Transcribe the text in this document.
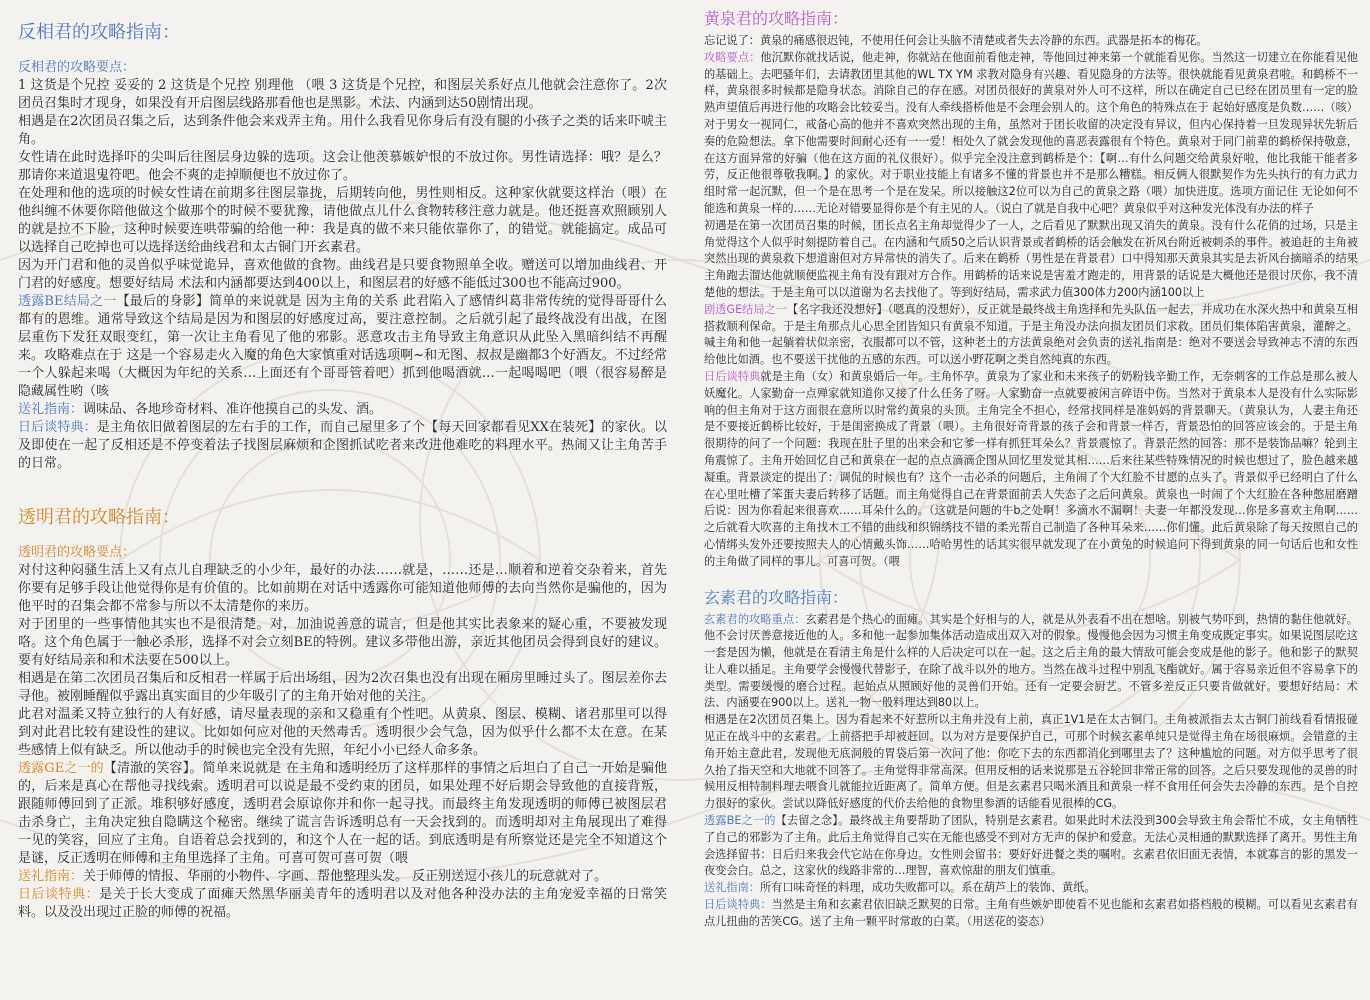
反相君的攻略指南：
反相君的攻略要点：

1 这货是个兄控 妥妥的 2 这货是个兄控 别理他 （喂 3 这货是个兄控，和图层关系好点儿他就会注意你了。2次团员召集时才现身，如果没有开启图层线路那看他也是黑影。术法、内涵到达50剧情出现。

相遇是在2次团员召集之后，达到条件他会来戏弄主角。用什么我看见你身后有没有腿的小孩子之类的话来吓唬主角。

女性请在此时选择吓的尖叫后往图层身边躲的选项。这会让他羡慕嫉妒恨的不放过你。男性请选择：哦？是么？那请你来道退鬼符吧。他会不爽的走掉顺便也不放过你了。

在处理和他的选项的时候女性请在前期多往图层靠拢，后期转向他，男性则相反。这种家伙就要这样治（喂）在他纠缠不休要你陪他做这个做那个的时候不要犹豫，请他做点儿什么食物转移注意力就是。他还挺喜欢照顾别人的就是拉不下脸，这种时候要连哄带骗的给他一种：我是真的做不来只能依靠你了，的错觉。就能搞定。成品可以选择自己吃掉也可以选择送给曲线君和太古铜门开玄素君。

因为开门君和他的灵兽似乎味觉诡异，喜欢他做的食物。曲线君是只要食物照单全收。赠送可以增加曲线君、开门君的好感度。想要好结局 术法和内涵都要达到400以上，和图层君的好感不能低过300也不能高过900。

透露BE结局之一【最后的身影】简单的来说就是 因为主角的关系 此君陷入了感情纠葛非常传统的觉得哥哥什么都有的恩维。通常导致这个结局是因为和图层的好感度过高，要注意控制。之后就引起了最终战没有出战，在图层重伤下发狂双眼变红，第一次让主角看见了他的邪影。恶意攻击主角导致主角意识从此坠入黑暗纠结不再醒来。攻略难点在于 这是一个容易走火入魔的角色大家慎重对话选项啊~和无图、叔叔是幽都3个好酒友。不过经常一个人躲起来喝（大概因为年纪的关系…上面还有个哥哥管着吧）抓到他喝酒就…一起喝喝吧（喂（很容易醉是隐藏属性哟（咳

送礼指南：调味品、各地珍奇材料、准许他摸自己的头发、酒。

日后谈特典：是主角依旧做着图层的左右手的工作，而自己屋里多了个【每天回家都看见XX在装死】的家伙。以及即使在一起了反相还是不停变着法子找图层麻烦和企图抓试吃者来改进他难吃的料理水平。热闹又让主角苦手的日常。

透明君的攻略指南：
透明君的攻略要点：

对付这种闷骚生活上又有点儿自理缺乏的小少年，最好的办法……就是，……还是…顺着和逆着交杂着来，首先你要有足够手段让他觉得你是有价值的。比如前期在对话中透露你可能知道他师傅的去向当然你是骗他的，因为他平时的召集会都不常参与所以不太清楚你的来历。

对于团里的一些事情他其实也不是很清楚。对，加油说善意的谎言，但是他其实比表象来的疑心重，不要被发现咯。这个角色属于一触必杀形，选择不对会立刻BE的特例。建议多带他出游，亲近其他团员会得到良好的建议。要有好结局亲和和术法要在500以上。

相遇是在第二次团员召集后和反相君一样属于后出场组，因为2次召集也没有出现在厢房里睡过头了。图层差你去寻他。被刚睡醒似乎露出真实面目的少年吸引了的主角开始对他的关注。

此君对温柔又特立独行的人有好感，请尽量表现的亲和又稳重有个性吧。从黄泉、图层、模糊、诸君那里可以得到对此君比较有建设性的建议。比如如何应对他的天然毒舌。透明很少会气急，因为似乎什么都不太在意。在某些感情上似有缺乏。所以他动手的时候也完全没有先照，年纪小小已经人命多条。

透露GE之一的【清澈的笑容】。简单来说就是 在主角和透明经历了这样那样的事情之后坦白了自己一开始是骗他的，后来是真心在帮他寻找线索。透明君可以说是最不受约束的团员，如果处理不好后期会导致他的直接背叛，跟随师傅回到了正派。堆积够好感度，透明君会原谅你并和你一起寻找。而最终主角发现透明的师傅已被图层君击杀身亡，主角决定独自隐瞒这个秘密。继续了谎言告诉透明总有一天会找到的。而透明却对主角展现出了难得一见的笑容，回应了主角。自语着总会找到的，和这个人在一起的话。到底透明是有所察觉还是完全不知道这个是谜，反正透明在师傅和主角里选择了主角。可喜可贺可喜可贺（喂

送礼指南：关于师傅的情报、华丽的小物件、字画、帮他整理头发。 反正别送逗小孩儿的玩意就对了。

日后谈特典：是关于长大变成了面瘫天然黑华丽美青年的透明君以及对他各种没办法的主角宠爱幸福的日常笑料。以及没出现过正脸的师傅的祝福。

黄泉君的攻略指南：

忘记说了：黄泉的痛感很迟钝，不使用任何会让头脑不清楚或者失去冷静的东西。武器是拓本的梅花。

攻略要点：他沉默你就找话说，他走神，你就站在他面前看他走神，等他回过神来第一个就能看见你。当然这一切建立在你能看见他的基础上。去吧骚年们，去请教团里其他的WL TX YM 求教对隐身有兴趣、看见隐身的方法等。很快就能看见黄泉君啦。和鹤桥不一样，黄泉很多时候都是隐身状态。消除自己的存在感。对团员很好的黄泉对外人可不这样，所以在确定自己已经在团员里有一定的脸熟声望值后再进行他的攻略会比较妥当。没有人牵线搭桥他是不会理会别人的。这个角色的特殊点在于 起始好感度是负数……（咳）对于男女一视同仁，戒备心高的他并不喜欢突然出现的主角，虽然对于团长收留的决定没有异议，但内心保持着一旦发现异状先斩后奏的危险想法。拿下他需要时间耐心还有一一爱！相处久了就会发现他的喜恶表露很有个特色。黄泉对于同门前辈的鹤桥保持敬意，在这方面异常的好骗（他在这方面的礼仪很好）。似乎完全没注意到鹤桥是个：【啊…有什么问题交给黄泉好啦，他比我能干能者多劳，反正他很尊敬我啊。】的家伙。对于职业技能上有诸多不懂的背景也并不是那么糟糕。相反俩人很默契作为先头执行的有力武力组时常一起沉默，但一个是在思考一个是在发呆。所以接触这2位可以为自己的黄泉之路（喂）加快进度。选项方面记住 无论如何不能选和黄泉一样的……无论对错要显得你是个有主见的人。（说白了就是自我中心吧？黄泉似乎对这种发光体没有办法的样子

初遇是在第一次团员召集的时候，团长点名主角却觉得少了一人，之后看见了默默出现又消失的黄泉。没有什么花俏的过场，只是主角觉得这个人似乎时刻提防着自己。在内涵和气质50之后认识背景或者鹤桥的话会触发在祈风台附近被刺杀的事件。被追赶的主角被突然出现的黄泉救下想道谢但对方异常快的消失了。后来在鹤桥（男性是在背景君）口中得知那天黄泉其实是去祈风台摘暗杀的结果主角跑去溜达他就顺便监视主角有没有跟对方合作。用鹤桥的话来说是害羞才跑走的，用背景的话说是大概他还是很讨厌你，我不清楚他的想法。于是主角可以以道谢为名去找他了。等到好结局，需求武力值300体力200内涵100以上

剧透GE结局之一【名字我还没想好】（嗯真的没想好），反正就是最终战主角选择和先头队伍一起去，并成功在水深火热中和黄泉互相搭救顺利保命。于是主角那点儿心思全团皆知只有黄泉不知道。于是主角没办法向损友团员们求救。团员们集体陷害黄泉，灌醉之。喊主角和他一起躺着状似亲密，衣服都可以不管，这种老土的方法黄泉绝对会负责的送礼指南是：绝对不要送会导致神志不清的东西给他比如酒。也不要送干扰他的五感的东西。可以送小野花啊之类自然纯真的东西。

日后谈特典就是主角（女）和黄泉婚后一年。主角怀孕。黄泉为了家业和未来孩子的奶粉钱辛勤工作，无奈刺客的工作总是那么被人妖魔化。人家勤奋一点殚家就知道你又接了什么任务了呀。人家勤奋一点就要被闲言碎语中伤。当然对于黄泉本人是没有什么实际影响的但主角对于这方面很在意所以时常约黄泉的头顶。主角完全不担心，经常找同样是准妈妈的背景聊天。（黄泉认为，人妻主角还是不要接近鹤桥比较好，于是闺密换成了背景（喂）。主角很好奇背景的孩子会和背景一样否，背景恐怕的回答应该会的。于是主角很期待的问了一个问题：我现在肚子里的出来会和它爹一样有抓狂耳朵么？背景震惊了。背景茫然的回答：那不是装饰品嘛？轮到主角震惊了。主角开始回忆自己和黄泉在一起的点点滴滴企图从回忆里发觉其相……后来往某些特殊情况的时候也想过了，脸色越来越凝重。背景淡定的提出了：调侃的时候也有？这个一击必杀的问题后，主角闹了个大红脸不甘愿的点头了。背景似乎已经明白了什么在心里吐槽了笨蛋夫妻后转移了话题。而主角觉得自己在背景面前丢人失态了之后问黄泉。黄泉也一时闹了个大红脸在各种憋屈磨蹭后说：因为你看起来很喜欢……耳朵什么的。（这就是问题的牛b之处啊！多滴水不漏啊！夫妻一年都没发现…你是多喜欢主角啊……之后就看大吹喜的主角找木工不错的曲线和织锦绣技不错的柔光帮自己制造了各种耳朵来……你们懂。此后黄泉除了每天按照自己的心情绑头发外还要按照夫人的心情戴头饰……哈哈男性的话其实很早就发现了在小黄兔的时候追问下得到黄泉的同一句话后也和女性的主角做了同样的事儿。可喜可贺。（喂

玄素君的攻略指南：

玄素君的攻略重点：玄素君是个热心的面瘫。其实是个好相与的人，就是从外表看不出在想啥。别被气势吓到，热情的黏住他就好。他不会讨厌善意接近他的人。多和他一起参加集体活动造成出双入对的假象。慢慢他会因为习惯主角变成既定事实。如果说图层吃这一套是因为懒，他就是在看清主角是什么样的人后决定可以在一起。这之后主角的最大情敌可能会变成是他的影子。他和影子的默契让人难以插足。主角要学会慢慢代替影子，在除了战斗以外的地方。当然在战斗过程中别乱飞酯就好。属于容易亲近但不容易拿下的类型。需要缓慢的磨合过程。起始点从照顾好他的灵兽们开始。还有一定要会厨艺。不管多差反正只要肯做就好。要想好结局：术法、内涵要在900以上。送礼一物一般料理达到80以上。

相遇是在2次团员召集上。因为看起来不好惹所以主角并没有上前，真正1V1是在太古铜门。主角被派指去太古铜门前线看看情报碰见正在战斗中的玄素君。上前搭把手却被赶回。以为对方是要保护自己，可那个时候玄素单纯只是觉得主角在场很麻烦。会错意的主角开始主意此君，发现他无底洞般的胃袋后第一次问了他：你吃下去的东西都消化到哪里去了？这种尴尬的问题。对方似乎思考了很久抬了指天空和大地就不回答了。主角觉得非常高深。但用反相的话来说那是五谷轮回非常正常的回答。之后只要发现他的灵兽的时候用反相特制料理去喂食儿就能拉近距离了。简单方便。但是玄素君只喝米酒且和黄泉一样不食用任何会失去冷静的东西。是个自控力很好的家伙。尝试以降低好感度的代价去给他的食物里参酒的话能看见很棒的CG。

透露BE之一的【去留之念】。最终战主角要帮助了团队，特别是玄素君。如果此时术法没到300会导致主角会帮忙不成，女主角牺牲了自己的邪影为了主角。此后主角觉得自己实在无能也感受不到对方无声的保护和爱意。无法心灵相通的默默选择了离开。男性主角会选择留书：日后归来我会代它站在你身边。女性则会留书：要好好进餐之类的嘱咐。玄素君依旧面无表情，本就寡言的影的黑发一夜变会白。总之，这家伙的线路非常的…理智，喜欢惊甜的朋友们慎重。

送礼指南：所有口味奇怪的料理，成功失败都可以。系在葫芦上的装饰、黄纸。

日后谈特典：当然是主角和玄素君依旧缺乏默契的日常。主角有些嫉妒即使看不见也能和玄素君如搭档般的模糊。可以看见玄素君有点儿扭曲的苦笑CG。送了主角一颗平时常敢的白菜。（用送花的姿态）
